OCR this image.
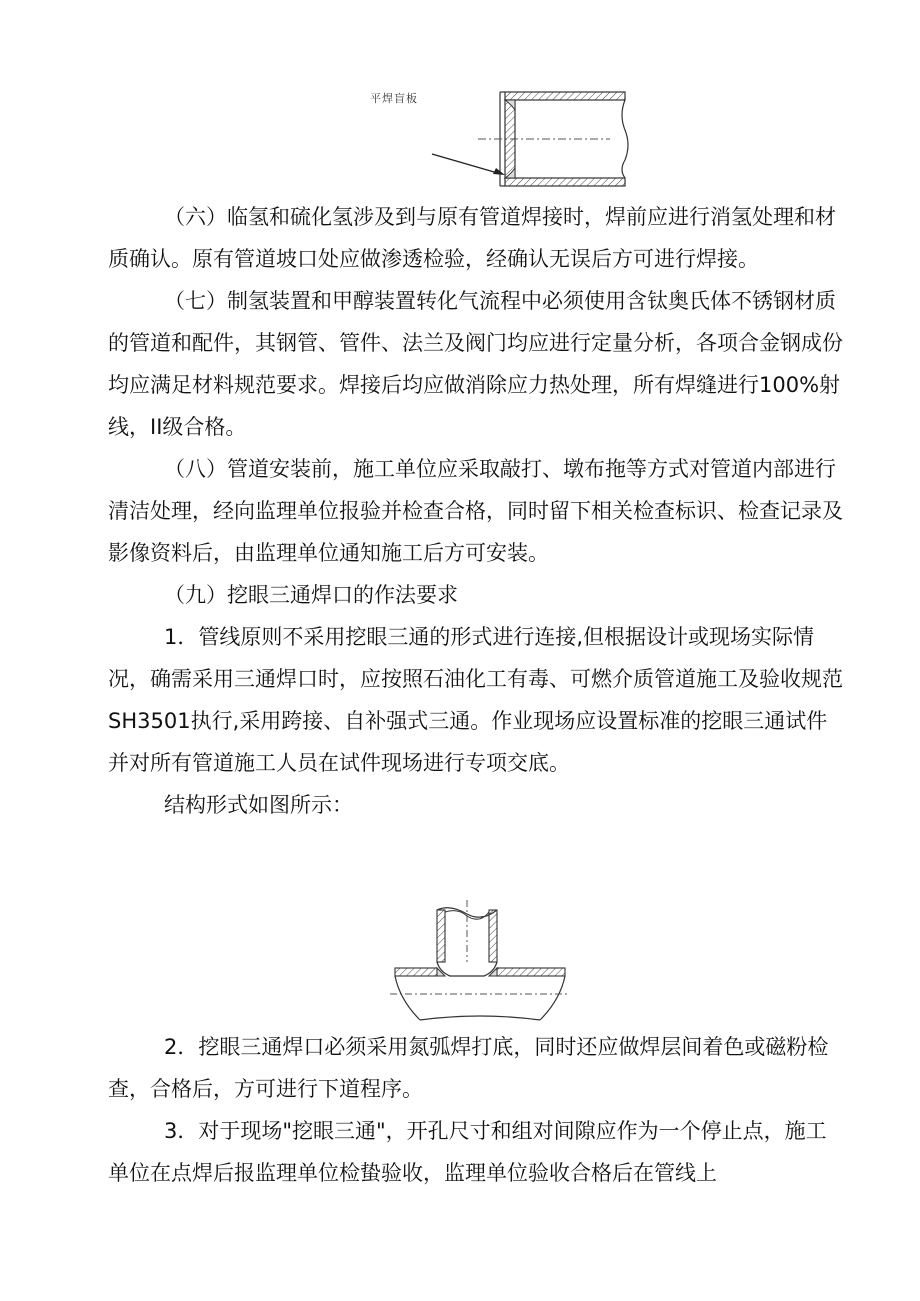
平焊盲板

（六）临氢和硫化氢涉及到与原有管道焊接时，焊前应进行消氢处理和材质确认。原有管道坡口处应做渗透检验，经确认无误后方可进行焊接。

（七）制氢装置和甲醇装置转化气流程中必须使用含钛奥氏体不锈钢材质的管道和配件，其钢管、管件、法兰及阀门均应进行定量分析，各项合金钢成份均应满足材料规范要求。焊接后均应做消除应力热处理，所有焊缝进行100%射线，II级合格。

（八）管道安装前，施工单位应采取敲打、墩布拖等方式对管道内部进行清洁处理，经向监理单位报验并检查合格，同时留下相关检查标识、检查记录及影像资料后，由监理单位通知施工后方可安装。

（九）挖眼三通焊口的作法要求

1．管线原则不采用挖眼三通的形式进行连接,但根据设计或现场实际情况，确需采用三通焊口时，应按照石油化工有毒、可燃介质管道施工及验收规范SH3501执行,采用跨接、自补强式三通。作业现场应设置标准的挖眼三通试件并对所有管道施工人员在试件现场进行专项交底。

结构形式如图所示：

2．挖眼三通焊口必须采用氮弧焊打底，同时还应做焊层间着色或磁粉检查，合格后，方可进行下道程序。

3．对于现场"挖眼三通"，开孔尺寸和组对间隙应作为一个停止点，施工单位在点焊后报监理单位检蛰验收，监理单位验收合格后在管线上
